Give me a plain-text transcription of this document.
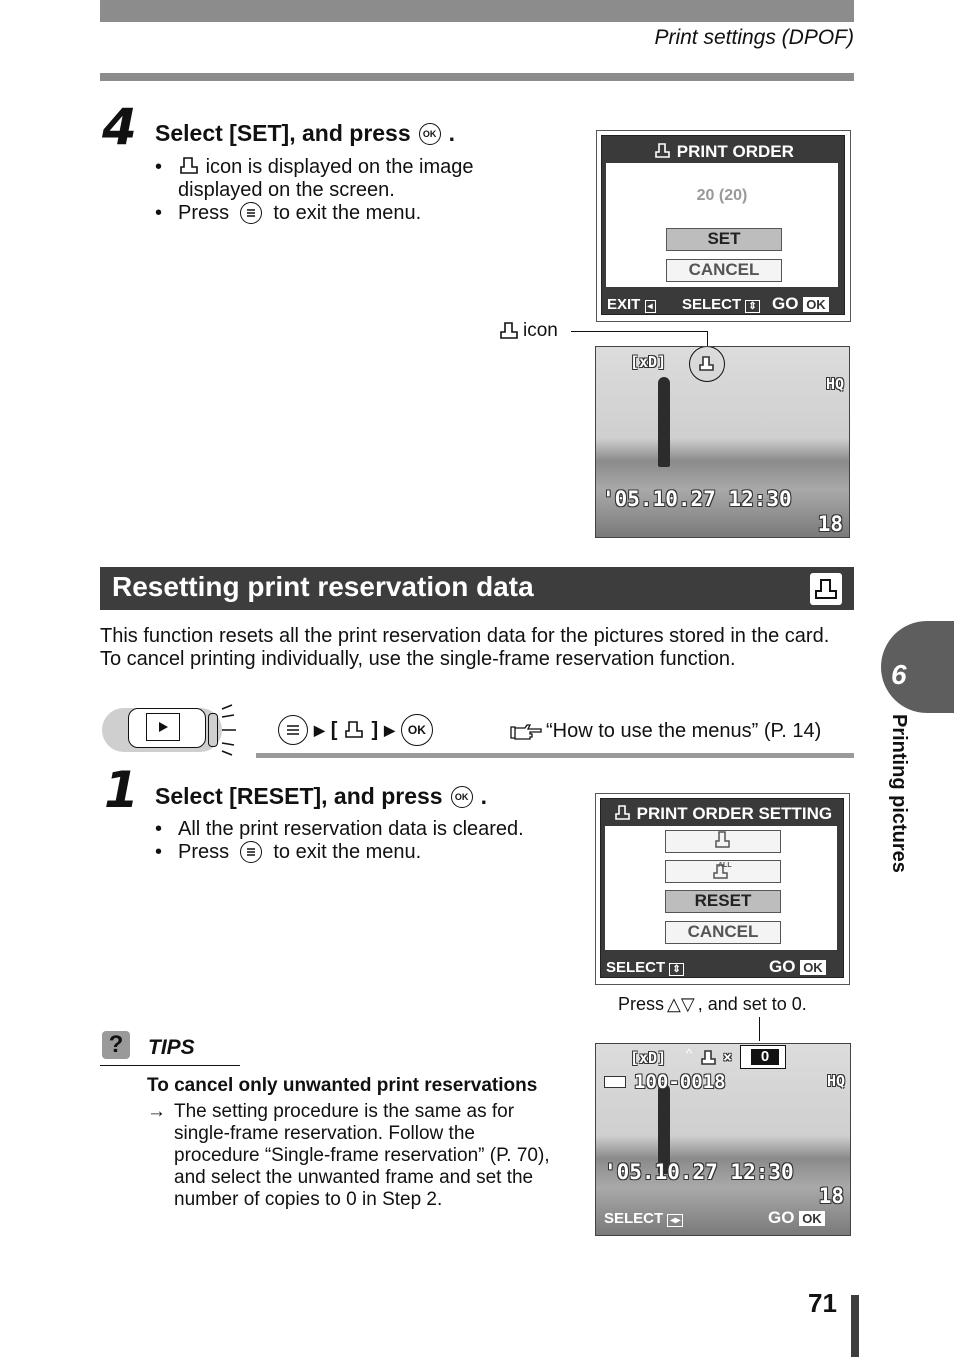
Print settings (DPOF)
4 Select [SET], and press	OK .
•	icon is displayed on the image
displayed on the screen.
• Press to exit the menu.
PRINT ORDER
20 (20)
SET
CANCEL
EXIT ◂ SELECT ⇕ GO OK
icon
[xD]
HQ
'05.10.27 12:30
18
Resetting print reservation data
This function resets all the print reservation data for the pictures stored in the card.
To cancel printing individually, use the single-frame reservation function.	6
Printing pictures
▶ [ ] ▶	OK	“How to use the menus” (P. 14)
1 Select [RESET], and press	OK .
• All the print reservation data is cleared.
• Press to exit the menu.
PRINT ORDER SETTING
ALL
RESET
CANCEL
SELECT ⇕	GO OK
Press △▽ , and set to 0.
[xD] ^ ×	0
100-0018	HQ
'05.10.27 12:30
18
SELECT ◂▸	GO OK
?	TIPS
To cancel only unwanted print reservations
→ The setting procedure is the same as for
single-frame reservation. Follow the
procedure “Single-frame reservation” (P. 70),
and select the unwanted frame and set the
number of copies to 0 in Step 2.
71
